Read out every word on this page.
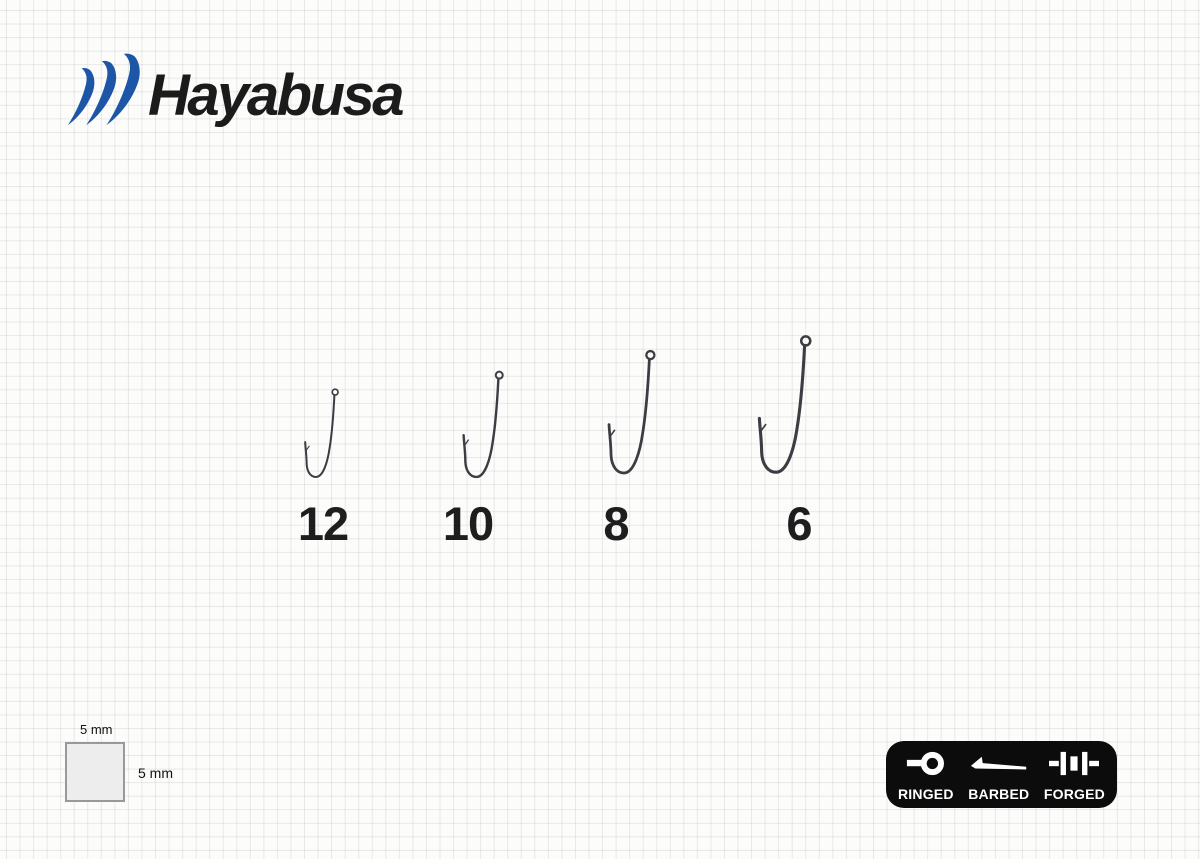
Hayabusa
12 10 8	6
5 mm
5 mm
RINGED BARBED FORGED
